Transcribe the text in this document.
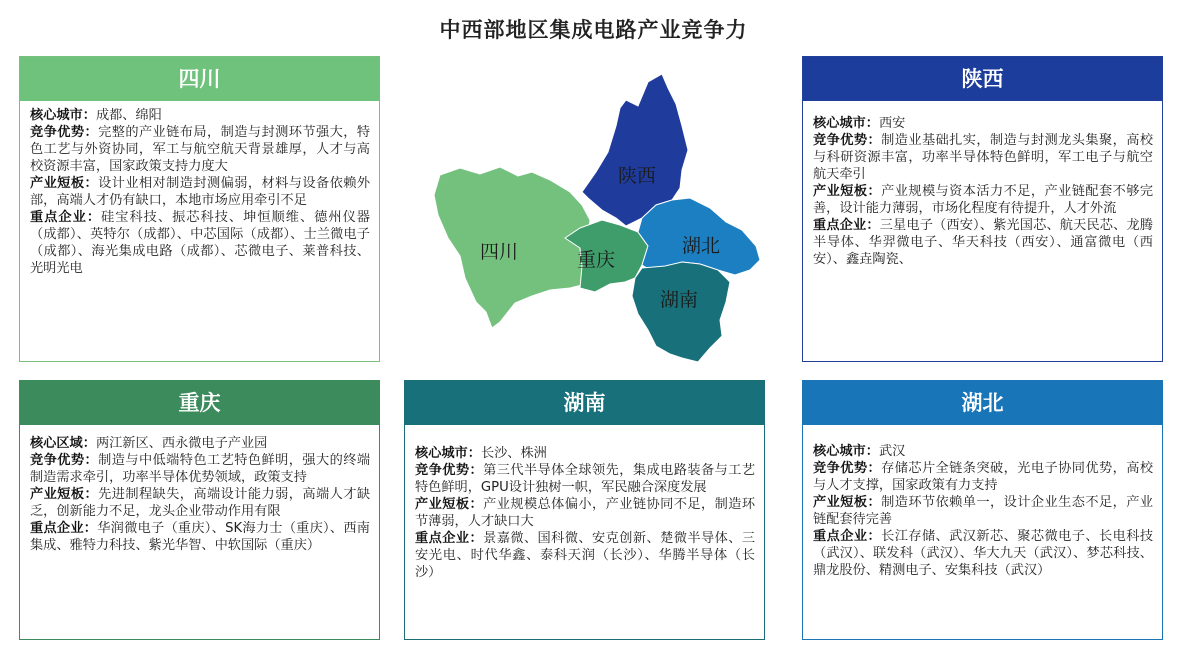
中西部地区集成电路产业竞争力
四川

核心城市：成都、绵阳

竞争优势：完整的产业链布局，制造与封测环节强大，特色工艺与外资协同，军工与航空航天背景雄厚，人才与高校资源丰富，国家政策支持力度大

产业短板：设计业相对制造封测偏弱，材料与设备依赖外部，高端人才仍有缺口，本地市场应用牵引不足

重点企业：硅宝科技、振芯科技、坤恒顺维、德州仪器（成都）、英特尔（成都）、中芯国际（成都）、士兰微电子（成都）、海光集成电路（成都）、芯微电子、莱普科技、光明光电

陕西

核心城市：西安

竞争优势：制造业基础扎实，制造与封测龙头集聚，高校与科研资源丰富，功率半导体特色鲜明，军工电子与航空航天牵引

产业短板：产业规模与资本活力不足，产业链配套不够完善，设计能力薄弱，市场化程度有待提升，人才外流

重点企业：三星电子（西安）、紫光国芯、航天民芯、龙腾半导体、华羿微电子、华天科技（西安）、通富微电（西安）、鑫垚陶瓷、

重庆

核心区域：两江新区、西永微电子产业园

竞争优势：制造与中低端特色工艺特色鲜明，强大的终端制造需求牵引，功率半导体优势领域，政策支持

产业短板：先进制程缺失，高端设计能力弱，高端人才缺乏，创新能力不足，龙头企业带动作用有限

重点企业：华润微电子（重庆）、SK海力士（重庆）、西南集成、雅特力科技、紫光华智、中软国际（重庆）

湖南

核心城市：长沙、株洲

竞争优势：第三代半导体全球领先，集成电路装备与工艺特色鲜明，GPU设计独树一帜，军民融合深度发展

产业短板：产业规模总体偏小，产业链协同不足，制造环节薄弱，人才缺口大

重点企业：景嘉微、国科微、安克创新、楚微半导体、三安光电、时代华鑫、泰科天润（长沙）、华腾半导体（长沙）

湖北

核心城市：武汉

竞争优势：存储芯片全链条突破，光电子协同优势，高校与人才支撑，国家政策有力支持

产业短板：制造环节依赖单一，设计企业生态不足，产业链配套待完善

重点企业：长江存储、武汉新芯、聚芯微电子、长电科技（武汉）、联发科（武汉）、华大九天（武汉）、梦芯科技、鼎龙股份、精测电子、安集科技（武汉）

陕西
四川	重庆
湖北
湖南
